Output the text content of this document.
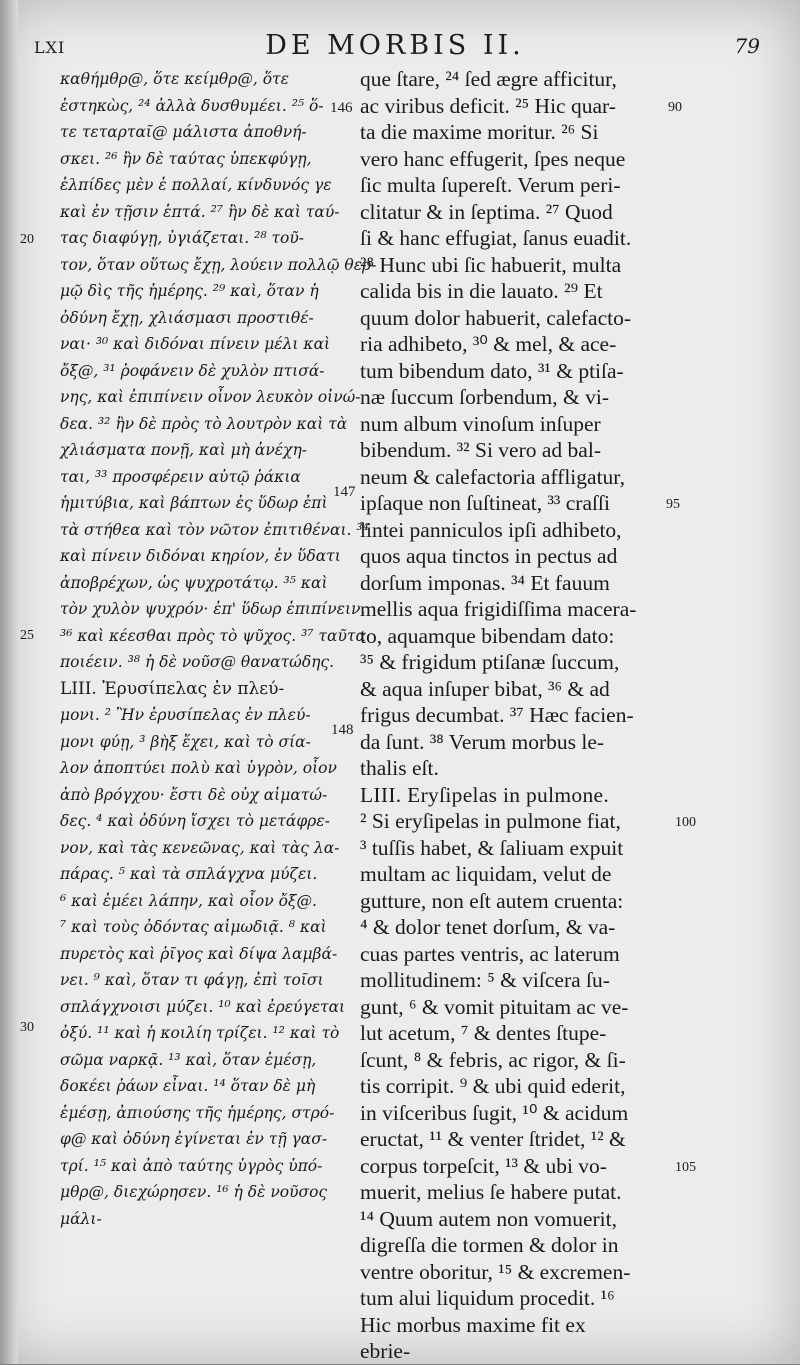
LXI	DE MORBIS II.	79
καθήμθρ@, ὅτε κείμθρ@, ὅτε
ἑστηκὼς, ²⁴ ἀλλὰ δυσθυμέει. ²⁵ ὅ-
τε τεταρταῖ@ μάλιστα ἀποθνή-
σκει. ²⁶ ἢν δὲ ταύτας ὑπεκφύγῃ,
ἐλπίδες μὲν ἐ πολλαί, κίνδυνός γε
καὶ ἐν τῇσιν ἑπτά. ²⁷ ἢν δὲ καὶ ταύ-
τας διαφύγῃ, ὑγιάζεται. ²⁸ τοῦ-
τον, ὅταν οὕτως ἔχῃ, λούειν πολλῷ θερ-
μῷ δὶς τῆς ἡμέρης. ²⁹ καὶ, ὅταν ἡ
ὀδύνη ἔχῃ, χλιάσμασι προστιθέ-
ναι· ³⁰ καὶ διδόναι πίνειν μέλι καὶ
ὄξ@, ³¹ ῥοφάνειν δὲ χυλὸν πτισά-
νης, καὶ ἐπιπίνειν οἶνον λευκὸν οἰνώ-
δεα. ³² ἢν δὲ πρὸς τὸ λουτρὸν καὶ τὰ
χλιάσματα πονῇ, καὶ μὴ ἀνέχη-
ται, ³³ προσφέρειν αὐτῷ ῥάκια
ἡμιτύβια, καὶ βάπτων ἐς ὕδωρ ἐπὶ
τὰ στήθεα καὶ τὸν νῶτον ἐπιτιθέναι. ³⁴
καὶ πίνειν διδόναι κηρίον, ἐν ὕδατι
ἀποβρέχων, ὡς ψυχροτάτῳ. ³⁵ καὶ
τὸν χυλὸν ψυχρόν· ἐπ' ὕδωρ ἐπιπίνειν.
³⁶ καὶ κέεσθαι πρὸς τὸ ψῦχος. ³⁷ ταῦτα
ποιέειν. ³⁸ ἡ δὲ νοῦσ@ θανατώδης.
LIII. Ἐρυσίπελας ἐν πλεύ-
μονι. ² Ἢν ἐρυσίπελας ἐν πλεύ-
μονι φύῃ, ³ βὴξ ἔχει, καὶ τὸ σία-
λον ἀποπτύει πολὺ καὶ ὑγρὸν, οἷον
ἀπὸ βρόγχου· ἔστι δὲ οὐχ αἱματώ-
δες. ⁴ καὶ ὀδύνη ἴσχει τὸ μετάφρε-
νον, καὶ τὰς κενεῶνας, καὶ τὰς λα-
πάρας. ⁵ καὶ τὰ σπλάγχνα μύζει.
⁶ καὶ ἐμέει λάπην, καὶ οἷον ὄξ@.
⁷ καὶ τοὺς ὀδόντας αἱμωδιᾷ. ⁸ καὶ
πυρετὸς καὶ ῥῖγος καὶ δίψα λαμβά-
νει. ⁹ καὶ, ὅταν τι φάγῃ, ἐπὶ τοῖσι
σπλάγχνοισι μύζει. ¹⁰ καὶ ἐρεύγεται
ὀξύ. ¹¹ καὶ ἡ κοιλίη τρίζει. ¹² καὶ τὸ
σῶμα ναρκᾷ. ¹³ καὶ, ὅταν ἐμέσῃ,
δοκέει ῥάων εἶναι. ¹⁴ ὅταν δὲ μὴ
ἐμέσῃ, ἀπιούσης τῆς ἡμέρης, στρό-
φ@ καὶ ὀδύνη ἐγίνεται ἐν τῇ γασ-
τρί. ¹⁵ καὶ ἀπὸ ταύτης ὑγρὸς ὑπό-
μθρ@, διεχώρησεν. ¹⁶ ἡ δὲ νοῦσος
μάλι-
que ſtare, ²⁴ ſed ægre afficitur,
ac viribus deficit. ²⁵ Hic quar-
ta die maxime moritur. ²⁶ Si
vero hanc effugerit, ſpes neque
ſic multa ſupereſt. Verum peri-
clitatur & in ſeptima. ²⁷ Quod
ſi & hanc effugiat, ſanus euadit.
²⁸ Hunc ubi ſic habuerit, multa
calida bis in die lauato. ²⁹ Et
quum dolor habuerit, calefacto-
ria adhibeto, ³⁰ & mel, & ace-
tum bibendum dato, ³¹ & ptiſa-
næ ſuccum ſorbendum, & vi-
num album vinoſum inſuper
bibendum. ³² Si vero ad bal-
neum & calefactoria affligatur,
ipſaque non ſuſtineat, ³³ craſſi
lintei panniculos ipſi adhibeto,
quos aqua tinctos in pectus ad
dorſum imponas. ³⁴ Et fauum
mellis aqua frigidiſſima macera-
to, aquamque bibendam dato:
³⁵ & frigidum ptiſanæ ſuccum,
& aqua inſuper bibat, ³⁶ & ad
frigus decumbat. ³⁷ Hæc facien-
da ſunt. ³⁸ Verum morbus le-
thalis eſt.
LIII. Eryſipelas in pulmone.
² Si eryſipelas in pulmone fiat,
³ tuſſis habet, & ſaliuam expuit
multam ac liquidam, velut de
gutture, non eſt autem cruenta:
⁴ & dolor tenet dorſum, & va-
cuas partes ventris, ac laterum
mollitudinem: ⁵ & viſcera ſu-
gunt, ⁶ & vomit pituitam ac ve-
lut acetum, ⁷ & dentes ſtupe-
ſcunt, ⁸ & febris, ac rigor, & ſi-
tis corripit. ⁹ & ubi quid ederit,
in viſceribus ſugit, ¹⁰ & acidum
eructat, ¹¹ & venter ſtridet, ¹² &
corpus torpeſcit, ¹³ & ubi vo-
muerit, melius ſe habere putat.
¹⁴ Quum autem non vomuerit,
digreſſa die tormen & dolor in
ventre oboritur, ¹⁵ & excremen-
tum alui liquidum procedit. ¹⁶
Hic morbus maxime fit ex
ebrie-
146
147
148
20
25
30
90
95
100
105
